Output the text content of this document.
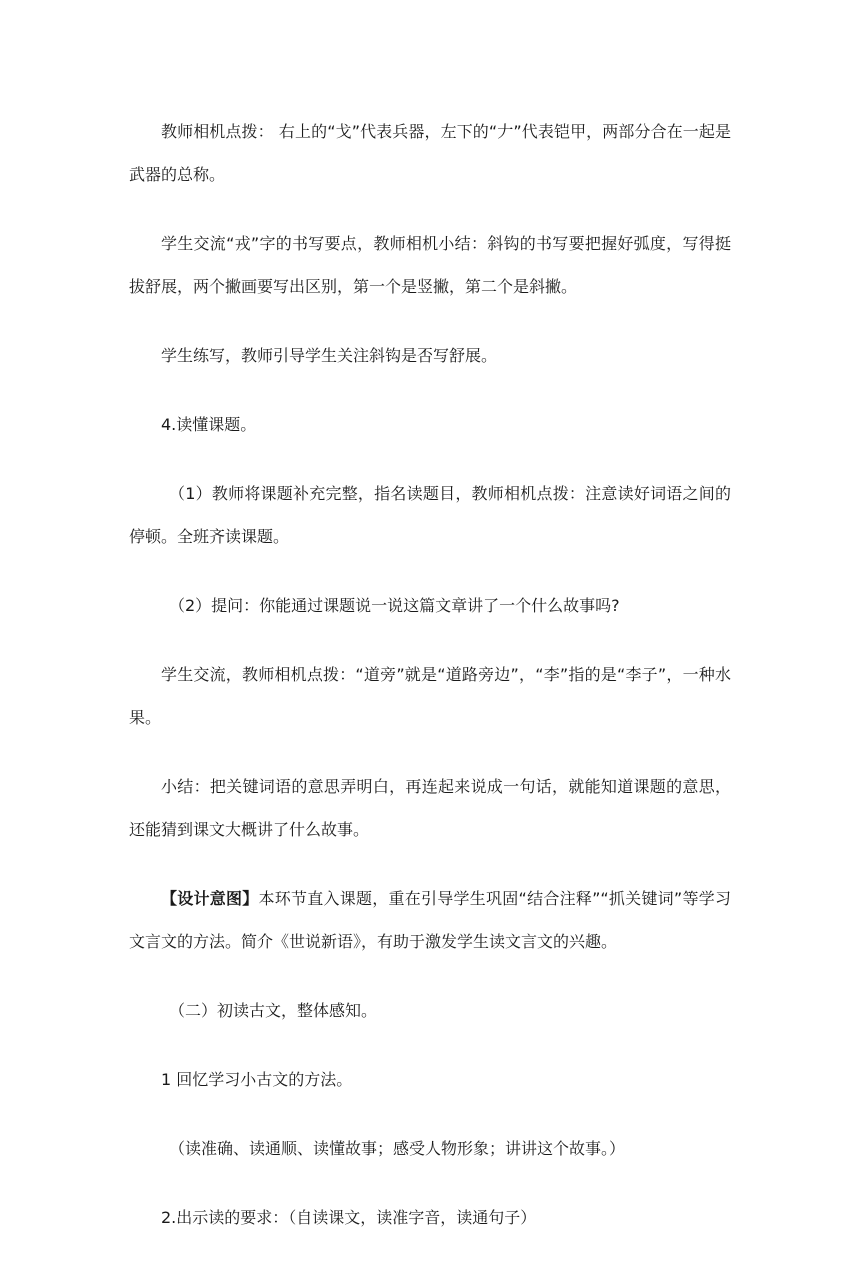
教师相机点拨： 右上的“戈”代表兵器，左下的“𠂇”代表铠甲，两部分合在一起是武器的总称。

学生交流“戎”字的书写要点，教师相机小结：斜钩的书写要把握好弧度，写得挺拔舒展，两个撇画要写出区别，第一个是竖撇，第二个是斜撇。

学生练写，教师引导学生关注斜钩是否写舒展。

4.读懂课题。

（1）教师将课题补充完整，指名读题目，教师相机点拨：注意读好词语之间的停顿。全班齐读课题。

（2）提问：你能通过课题说一说这篇文章讲了一个什么故事吗?

学生交流，教师相机点拨：“道旁”就是“道路旁边”，“李”指的是“李子”，一种水果。

小结：把关键词语的意思弄明白，再连起来说成一句话，就能知道课题的意思，还能猜到课文大概讲了什么故事。

【设计意图】本环节直入课题，重在引导学生巩固“结合注释”“抓关键词”等学习文言文的方法。简介《世说新语》，有助于激发学生读文言文的兴趣。

（二）初读古文，整体感知。

1 回忆学习小古文的方法。

（读准确、读通顺、读懂故事；感受人物形象；讲讲这个故事。）

2.出示读的要求：（自读课文，读准字音，读通句子）
